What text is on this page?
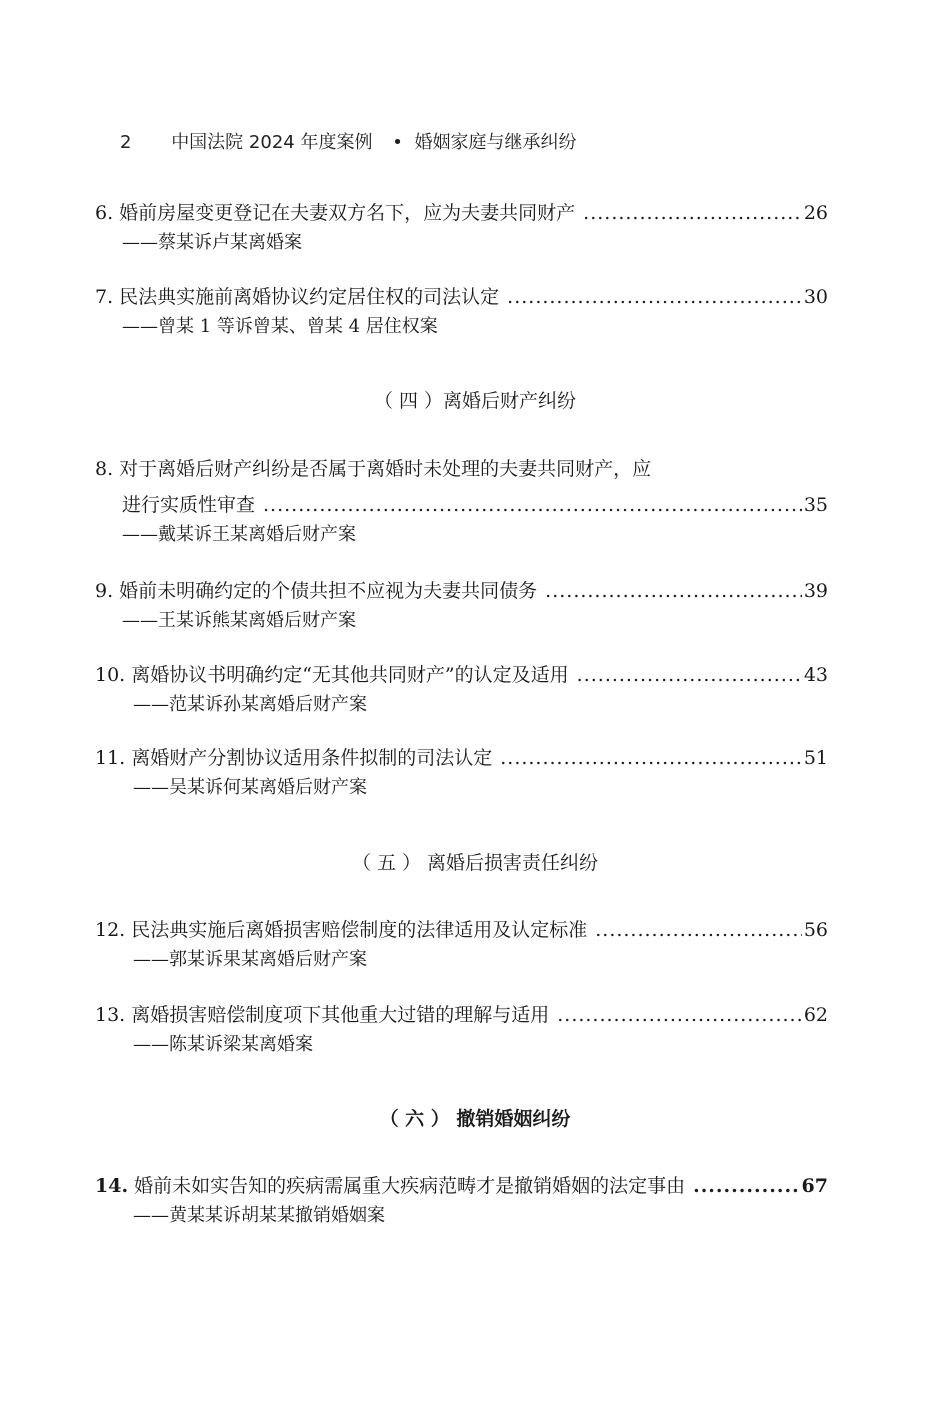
2 中国法院 2024 年度案例 • 婚姻家庭与继承纠纷
6. 婚前房屋变更登记在夫妻双方名下，应为夫妻共同财产 .....	26
——蔡某诉卢某离婚案
7. 民法典实施前离婚协议约定居住权的司法认定 .....	30
——曾某 1 等诉曾某、曾某 4 居住权案
（ 四 ）离婚后财产纠纷
8. 对于离婚后财产纠纷是否属于离婚时未处理的夫妻共同财产，应
进行实质性审查 .....	35
——戴某诉王某离婚后财产案
9. 婚前未明确约定的个债共担不应视为夫妻共同债务 .....	39
——王某诉熊某离婚后财产案
10. 离婚协议书明确约定“无其他共同财产”的认定及适用 .....	43
——范某诉孙某离婚后财产案
11. 离婚财产分割协议适用条件拟制的司法认定 .....	51
——吴某诉何某离婚后财产案
（ 五 ） 离婚后损害责任纠纷
12. 民法典实施后离婚损害赔偿制度的法律适用及认定标准 .....	56
——郭某诉果某离婚后财产案
13. 离婚损害赔偿制度项下其他重大过错的理解与适用 .....	62
——陈某诉梁某离婚案
（ 六 ） 撤销婚姻纠纷
14. 婚前未如实告知的疾病需属重大疾病范畴才是撤销婚姻的法定事由 .....	67
——黄某某诉胡某某撤销婚姻案
